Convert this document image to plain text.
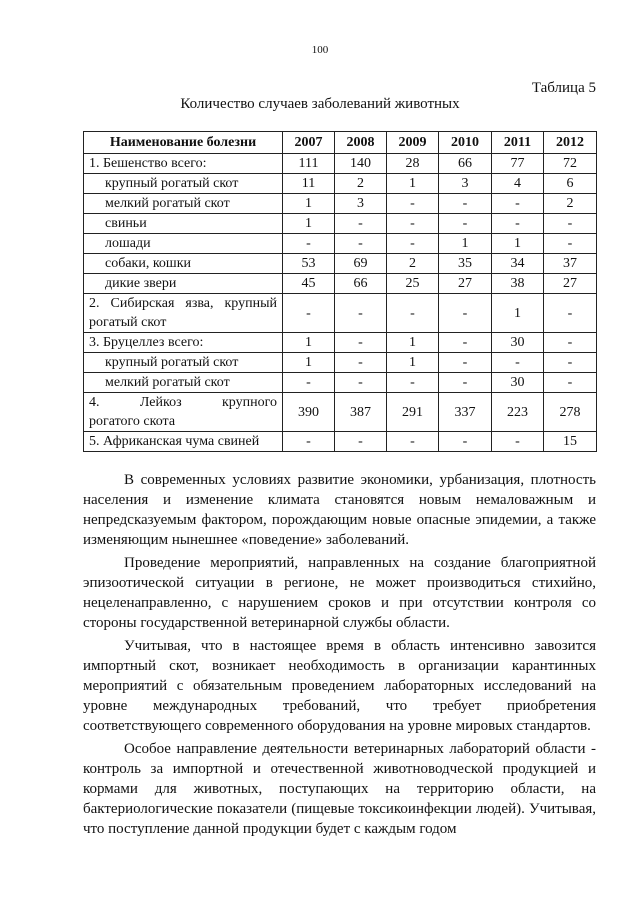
100
Таблица 5
Количество случаев заболеваний животных
Наименование болезни	2007	2008	2009	2010	2011	2012
1. Бешенство всего:	111	140	28	66	77	72
крупный рогатый скот	11	2	1	3	4	6
мелкий рогатый скот	1	3	-	-	-	2
свиньи	1	-	-	-	-	-
лошади	-	-	-	1	1	-
собаки, кошки	53	69	2	35	34	37
дикие звери	45	66	25	27	38	27

2. Сибирская язва, крупный
рогатый скот	-	-	-	-	1	-
3. Бруцеллез всего:	1	-	1	-	30	-
крупный рогатый скот	1	-	1	-	-	-
мелкий рогатый скот	-	-	-	-	30	-

4. Лейкоз крупного
рогатого скота	390	387	291	337	223	278
5. Африканская чума свиней	-	-	-	-	-	15

В современных условиях развитие экономики, урбанизация, плотность населения и изменение климата становятся новым немаловажным и непредсказуемым фактором, порождающим новые опасные эпидемии, а также изменяющим нынешнее «поведение» заболеваний.

Проведение мероприятий, направленных на создание благоприятной эпизоотической ситуации в регионе, не может производиться стихийно, нецеленаправленно, с нарушением сроков и при отсутствии контроля со стороны государственной ветеринарной службы области.

Учитывая, что в настоящее время в область интенсивно завозится импортный скот, возникает необходимость в организации карантинных мероприятий с обязательным проведением лабораторных исследований на уровне международных требований, что требует приобретения соответствующего современного оборудования на уровне мировых стандартов.

Особое направление деятельности ветеринарных лабораторий области - контроль за импортной и отечественной животноводческой продукцией и кормами для животных, поступающих на территорию области, на бактериологические показатели (пищевые токсикоинфекции людей). Учитывая, что поступление данной продукции будет с каждым годом
